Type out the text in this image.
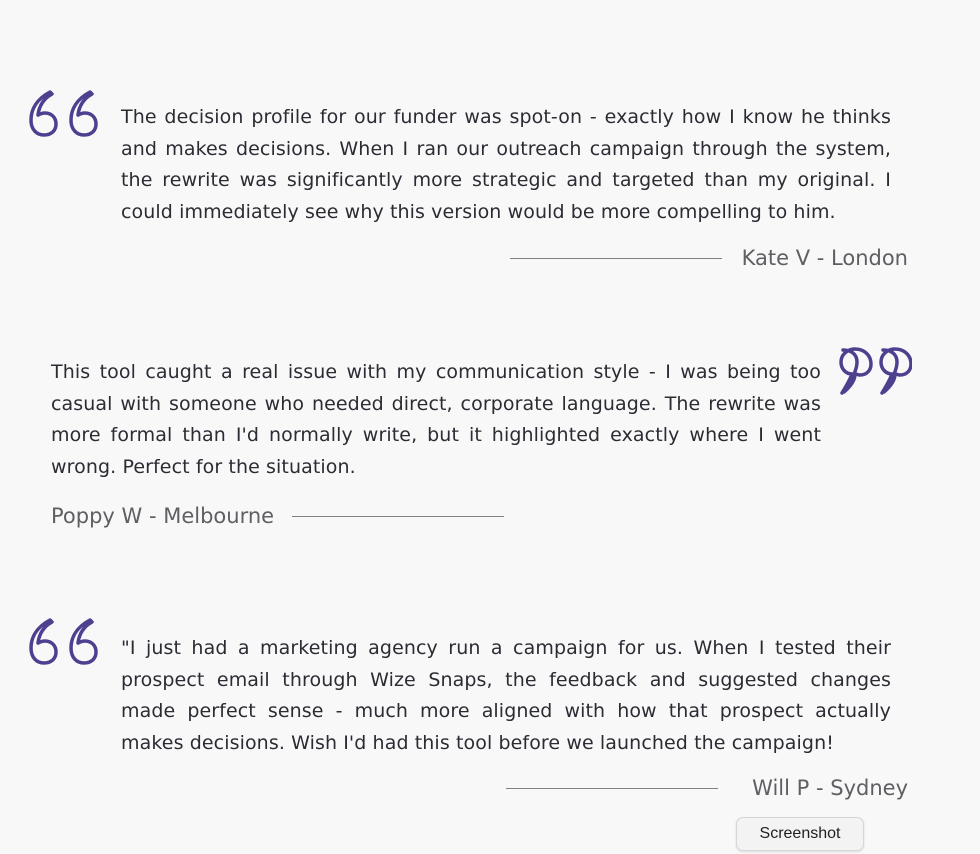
The decision profile for our funder was spot-on - exactly how I know he thinks and makes decisions. When I ran our outreach campaign through the system, the rewrite was significantly more strategic and targeted than my original. I could immediately see why this version would be more compelling to him.

Kate V - London

This tool caught a real issue with my communication style - I was being too casual with someone who needed direct, corporate language. The rewrite was more formal than I'd normally write, but it highlighted exactly where I went wrong. Perfect for the situation.

Poppy W - Melbourne

"I just had a marketing agency run a campaign for us. When I tested their prospect email through Wize Snaps, the feedback and suggested changes made perfect sense - much more aligned with how that prospect actually makes decisions. Wish I'd had this tool before we launched the campaign!

Will P - Sydney
Screenshot
